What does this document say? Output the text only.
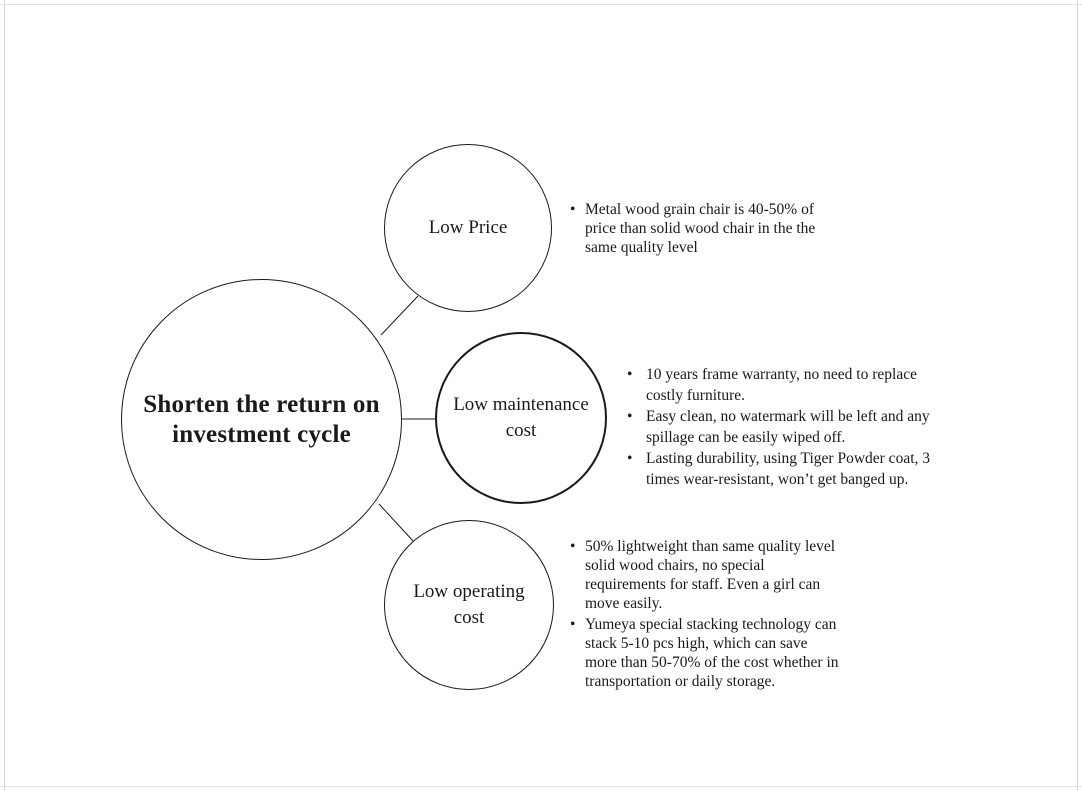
Shorten the return on investment cycle
Low Price
Low maintenance cost
Low operating cost
• Metal wood grain chair is 40-50% of price than solid wood chair in the the same quality level
• 10 years frame warranty, no need to replace costly furniture.
• Easy clean, no watermark will be left and any spillage can be easily wiped off.
• Lasting durability, using Tiger Powder coat, 3 times wear-resistant, won’t get banged up.
• 50% lightweight than same quality level solid wood chairs, no special requirements for staff. Even a girl can move easily.
• Yumeya special stacking technology can stack 5-10 pcs high, which can save more than 50-70% of the cost whether in transportation or daily storage.
